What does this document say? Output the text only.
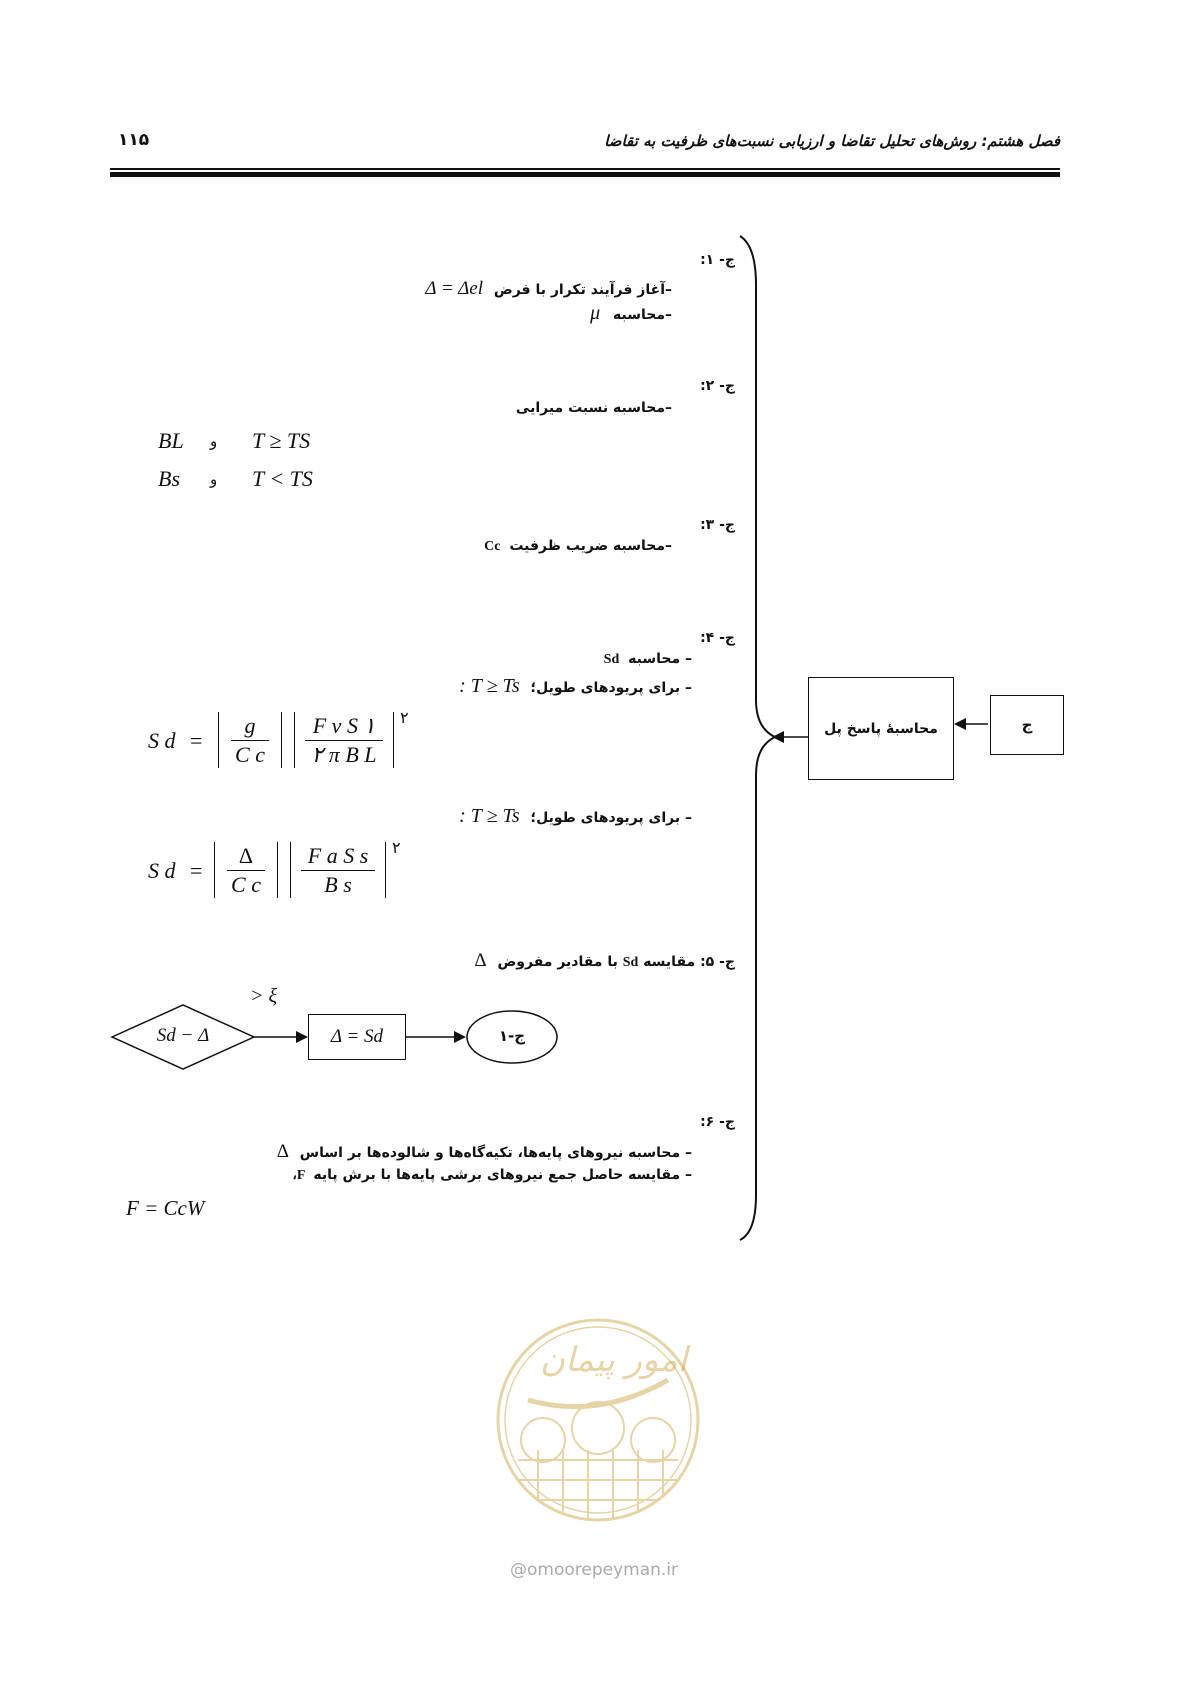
فصل هشتم: روش‌های تحلیل تقاضا و ارزیابی نسبت‌های ظرفیت به تقاضا
۱۱۵
محاسبهٔ پاسخ پل	ج
ج- ۱:
–آغاز فرآیند تکرار با فرض Δ = Δel
–محاسبه μ
ج- ۲:
–محاسبه نسبت میرایی
BL و T ≥ TS
Bs و T < TS
ج- ۳:
–محاسبه ضریب ظرفیت Cc
ج- ۴:
– محاسبه Sd
– برای پریودهای طویل؛ : T ≥ Ts
S d =
g
C c
F v S ۱
۲ π B L
۲
– برای پریودهای طویل؛ : T ≥ Ts
S d =
Δ
C c
F a S s
B s
۲
ج- ۵: مقایسه Sd با مقادیر مفروض Δ
> ξ
Sd − Δ	Δ = Sd	ج-۱
ج- ۶:
– محاسبه نیروهای پایه‌ها، تکیه‌گاه‌ها و شالوده‌ها بر اساس Δ
– مقایسه حاصل جمع نیروهای برشی پایه‌ها با برش پایه F،
F = CcW
امور پیمان
@omoorepeyman.ir
